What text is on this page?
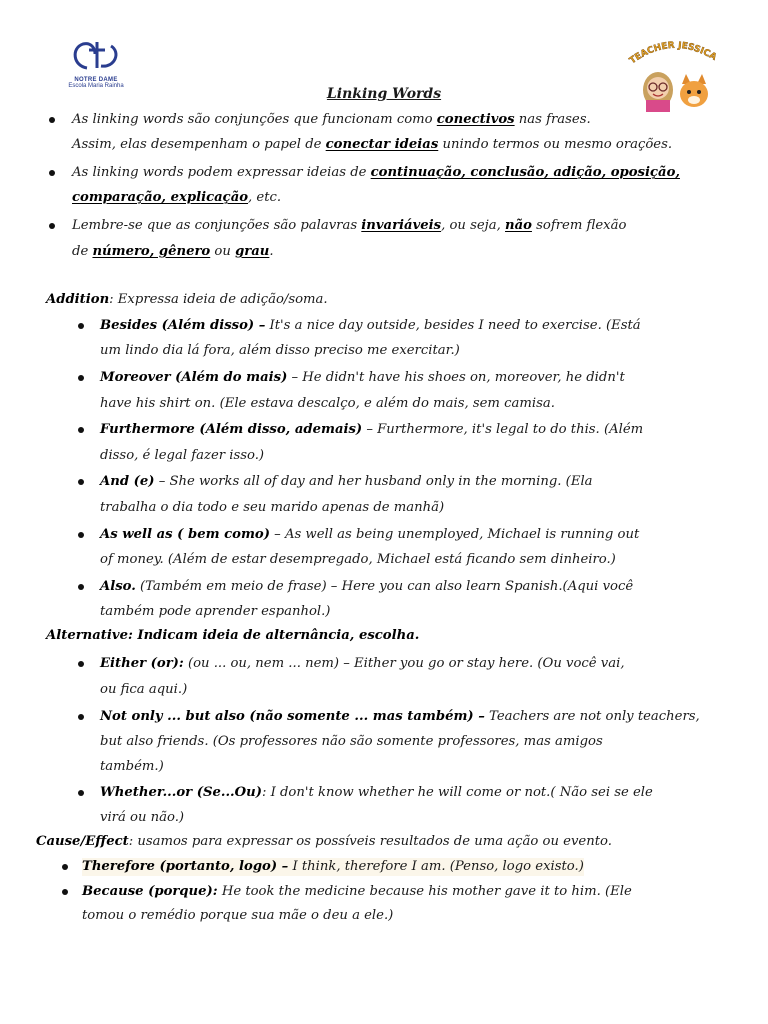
NOTRE DAME
Escola Maria Rainha
TEACHER JESSICA
Linking Words
As linking words são conjunções que funcionam como conectivos nas frases.
Assim, elas desempenham o papel de conectar ideias unindo termos ou mesmo orações.
As linking words podem expressar ideias de continuação, conclusão, adição, oposição,
comparação, explicação, etc.
Lembre-se que as conjunções são palavras invariáveis, ou seja, não sofrem flexão
de número, gênero ou grau.
Addition: Expressa ideia de adição/soma.
Besides (Além disso) – It's a nice day outside, besides I need to exercise. (Está
um lindo dia lá fora, além disso preciso me exercitar.)
Moreover (Além do mais) – He didn't have his shoes on, moreover, he didn't
have his shirt on. (Ele estava descalço, e além do mais, sem camisa.
Furthermore (Além disso, ademais) – Furthermore, it's legal to do this. (Além
disso, é legal fazer isso.)
And (e) – She works all of day and her husband only in the morning. (Ela
trabalha o dia todo e seu marido apenas de manhã)
As well as ( bem como) – As well as being unemployed, Michael is running out
of money. (Além de estar desempregado, Michael está ficando sem dinheiro.)
Also. (Também em meio de frase) – Here you can also learn Spanish.(Aqui você
também pode aprender espanhol.)
Alternative: Indicam ideia de alternância, escolha.
Either (or): (ou ... ou, nem ... nem) – Either you go or stay here. (Ou você vai,
ou fica aqui.)
Not only ... but also (não somente ... mas também) – Teachers are not only teachers,
but also friends. (Os professores não são somente professores, mas amigos
também.)
Whether...or (Se...Ou): I don't know whether he will come or not.( Não sei se ele
virá ou não.)
Cause/Effect: usamos para expressar os possíveis resultados de uma ação ou evento.
Therefore (portanto, logo) – I think, therefore I am. (Penso, logo existo.)
Because (porque): He took the medicine because his mother gave it to him. (Ele
tomou o remédio porque sua mãe o deu a ele.)
